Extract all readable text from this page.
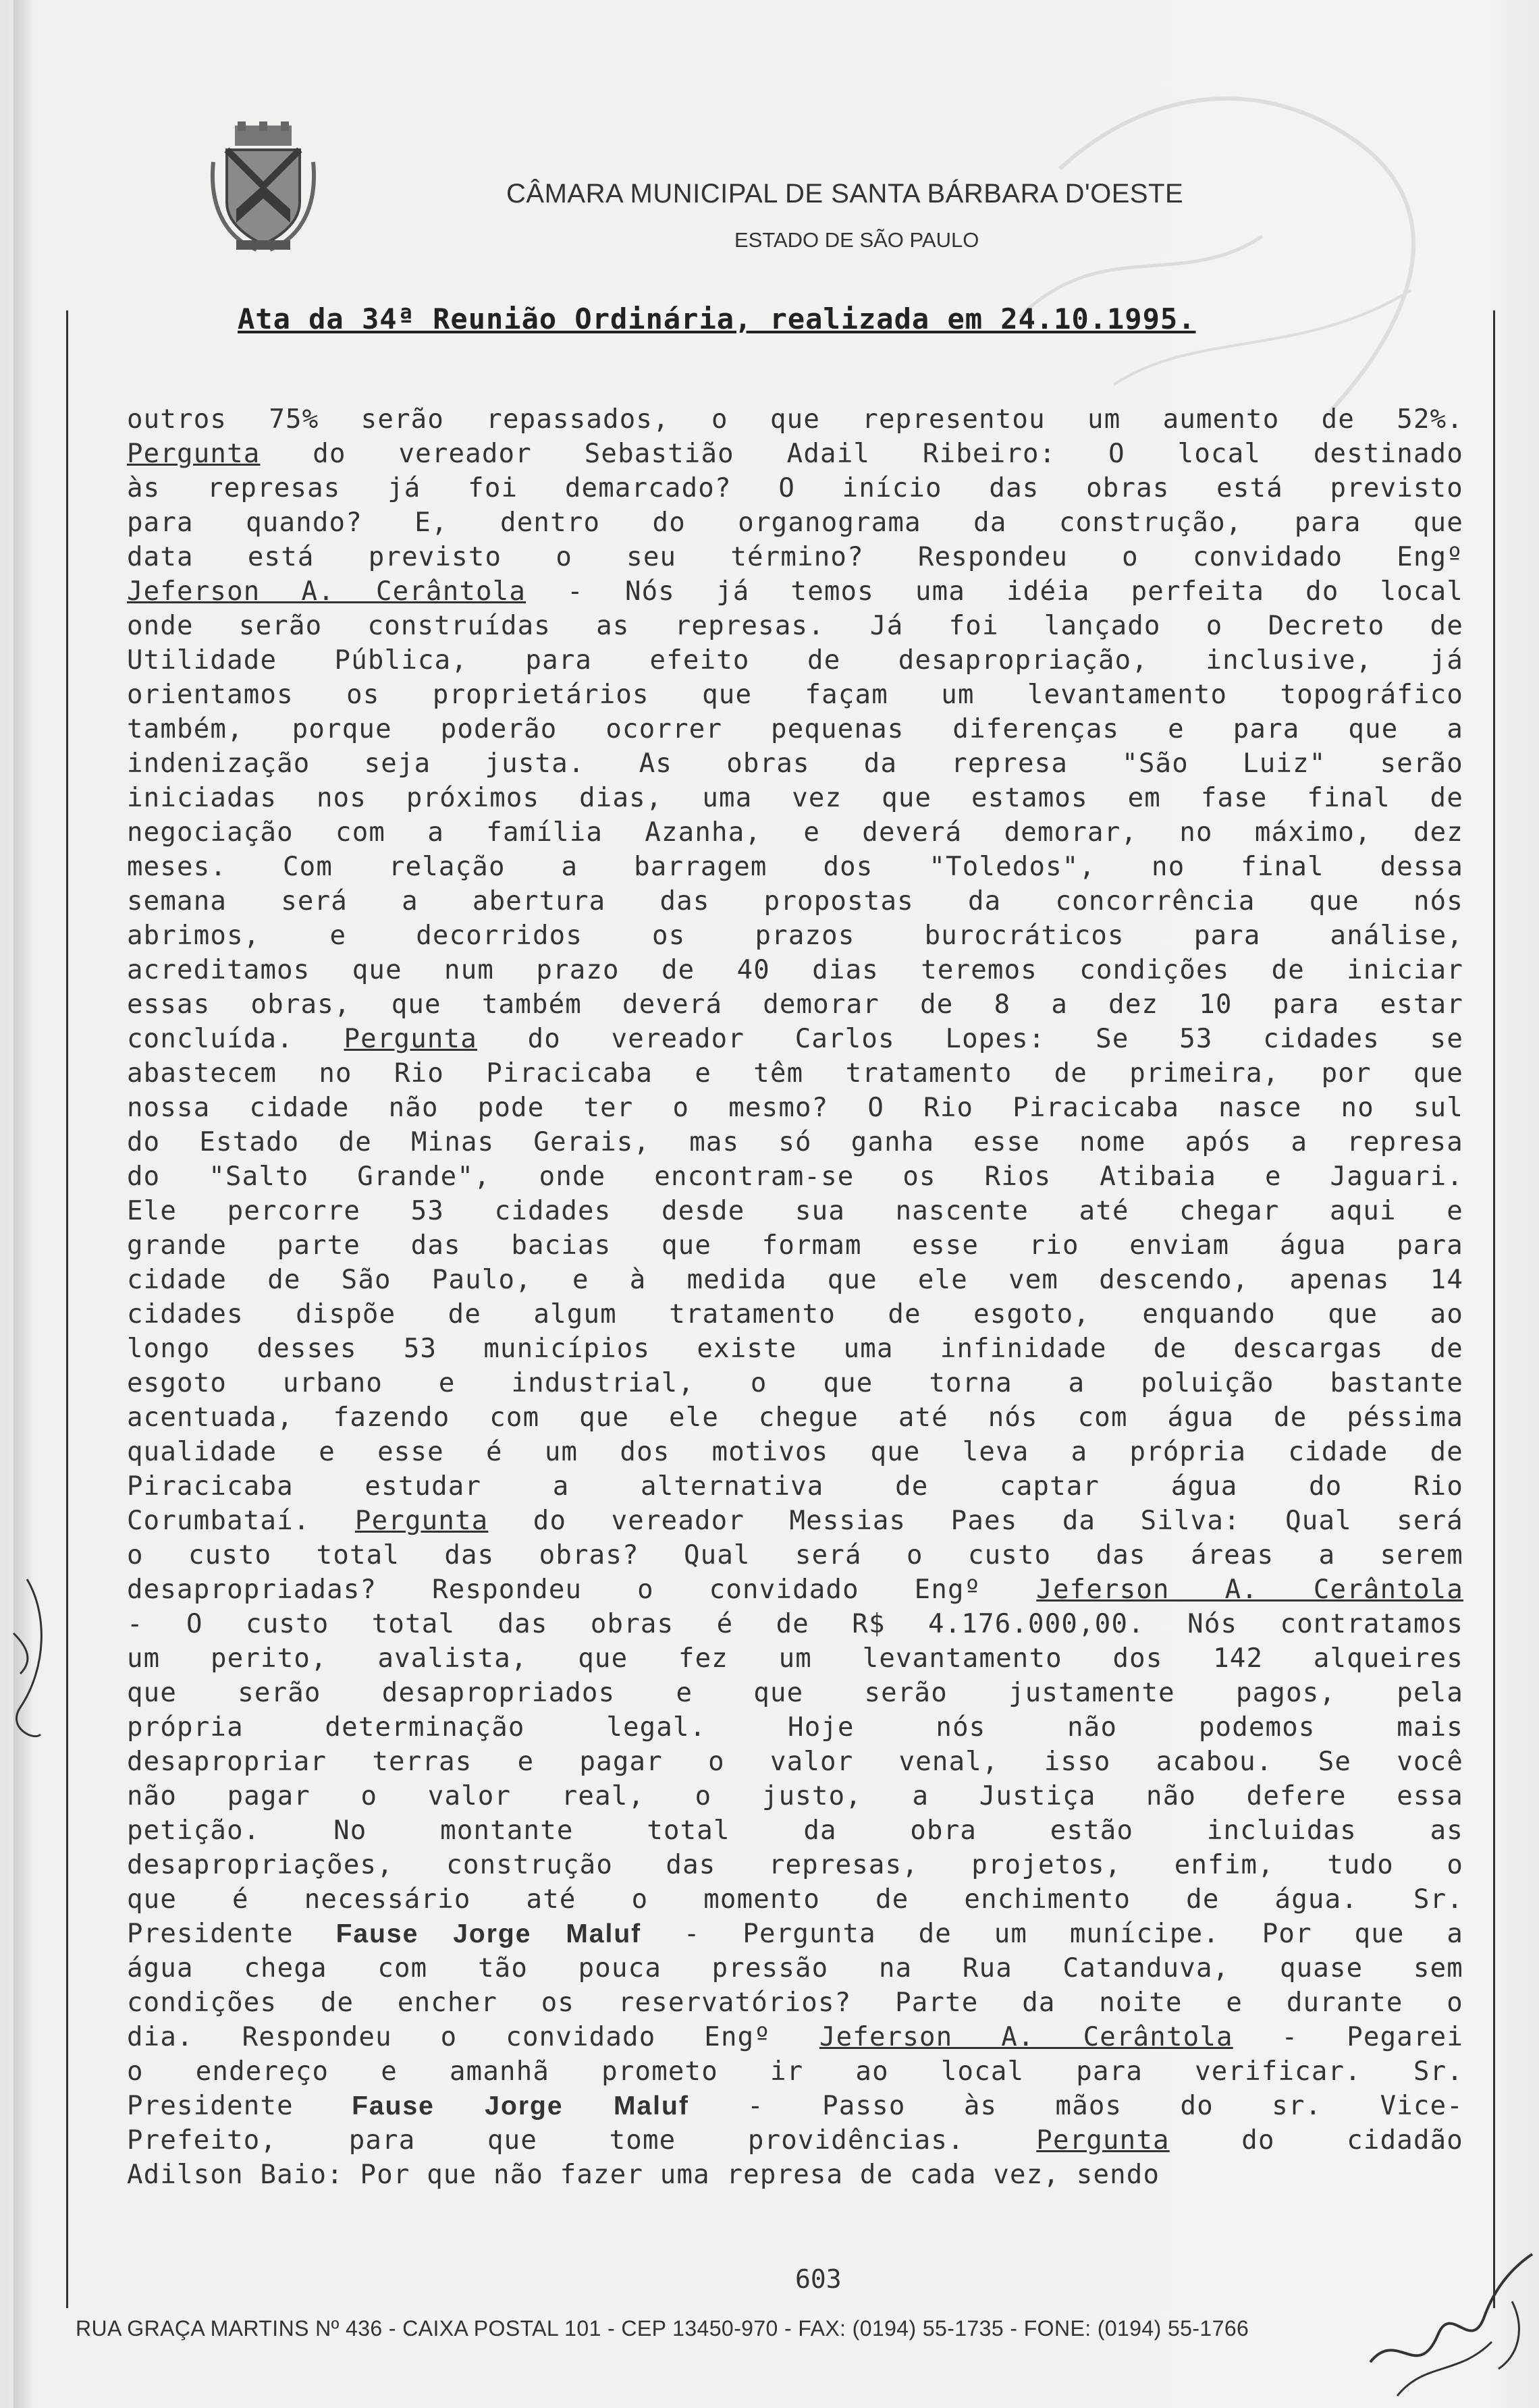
CÂMARA MUNICIPAL DE SANTA BÁRBARA D'OESTE
ESTADO DE SÃO PAULO
Ata da 34ª Reunião Ordinária, realizada em 24.10.1995.
outros 75% serão repassados, o que representou um aumento de 52%.
Pergunta do vereador Sebastião Adail Ribeiro: O local destinado
às represas já foi demarcado? O início das obras está previsto
para quando? E, dentro do organograma da construção, para que
data está previsto o seu término? Respondeu o convidado Engº
Jeferson A. Cerântola - Nós já temos uma idéia perfeita do local
onde serão construídas as represas. Já foi lançado o Decreto de
Utilidade Pública, para efeito de desapropriação, inclusive, já
orientamos os proprietários que façam um levantamento topográfico
também, porque poderão ocorrer pequenas diferenças e para que a
indenização seja justa. As obras da represa "São Luiz" serão
iniciadas nos próximos dias, uma vez que estamos em fase final de
negociação com a família Azanha, e deverá demorar, no máximo, dez
meses. Com relação a barragem dos "Toledos", no final dessa
semana será a abertura das propostas da concorrência que nós
abrimos, e decorridos os prazos burocráticos para análise,
acreditamos que num prazo de 40 dias teremos condições de iniciar
essas obras, que também deverá demorar de 8 a dez 10 para estar
concluída. Pergunta do vereador Carlos Lopes: Se 53 cidades se
abastecem no Rio Piracicaba e têm tratamento de primeira, por que
nossa cidade não pode ter o mesmo? O Rio Piracicaba nasce no sul
do Estado de Minas Gerais, mas só ganha esse nome após a represa
do "Salto Grande", onde encontram-se os Rios Atibaia e Jaguari.
Ele percorre 53 cidades desde sua nascente até chegar aqui e
grande parte das bacias que formam esse rio enviam água para
cidade de São Paulo, e à medida que ele vem descendo, apenas 14
cidades dispõe de algum tratamento de esgoto, enquando que ao
longo desses 53 municípios existe uma infinidade de descargas de
esgoto urbano e industrial, o que torna a poluição bastante
acentuada, fazendo com que ele chegue até nós com água de péssima
qualidade e esse é um dos motivos que leva a própria cidade de
Piracicaba estudar a alternativa de captar água do Rio
Corumbataí. Pergunta do vereador Messias Paes da Silva: Qual será
o custo total das obras? Qual será o custo das áreas a serem
desapropriadas? Respondeu o convidado Engº Jeferson A. Cerântola
- O custo total das obras é de R$ 4.176.000,00. Nós contratamos
um perito, avalista, que fez um levantamento dos 142 alqueires
que serão desapropriados e que serão justamente pagos, pela
própria determinação legal. Hoje nós não podemos mais
desapropriar terras e pagar o valor venal, isso acabou. Se você
não pagar o valor real, o justo, a Justiça não defere essa
petição. No montante total da obra estão incluidas as
desapropriações, construção das represas, projetos, enfim, tudo o
que é necessário até o momento de enchimento de água. Sr.
Presidente Fause Jorge Maluf - Pergunta de um munícipe. Por que a
água chega com tão pouca pressão na Rua Catanduva, quase sem
condições de encher os reservatórios? Parte da noite e durante o
dia. Respondeu o convidado Engº Jeferson A. Cerântola - Pegarei
o endereço e amanhã prometo ir ao local para verificar. Sr.
Presidente Fause Jorge Maluf - Passo às mãos do sr. Vice-
Prefeito, para que tome providências. Pergunta do cidadão
Adilson Baio: Por que não fazer uma represa de cada vez, sendo
603
RUA GRAÇA MARTINS Nº 436 - CAIXA POSTAL 101 - CEP 13450-970 - FAX: (0194) 55-1735 - FONE: (0194) 55-1766
